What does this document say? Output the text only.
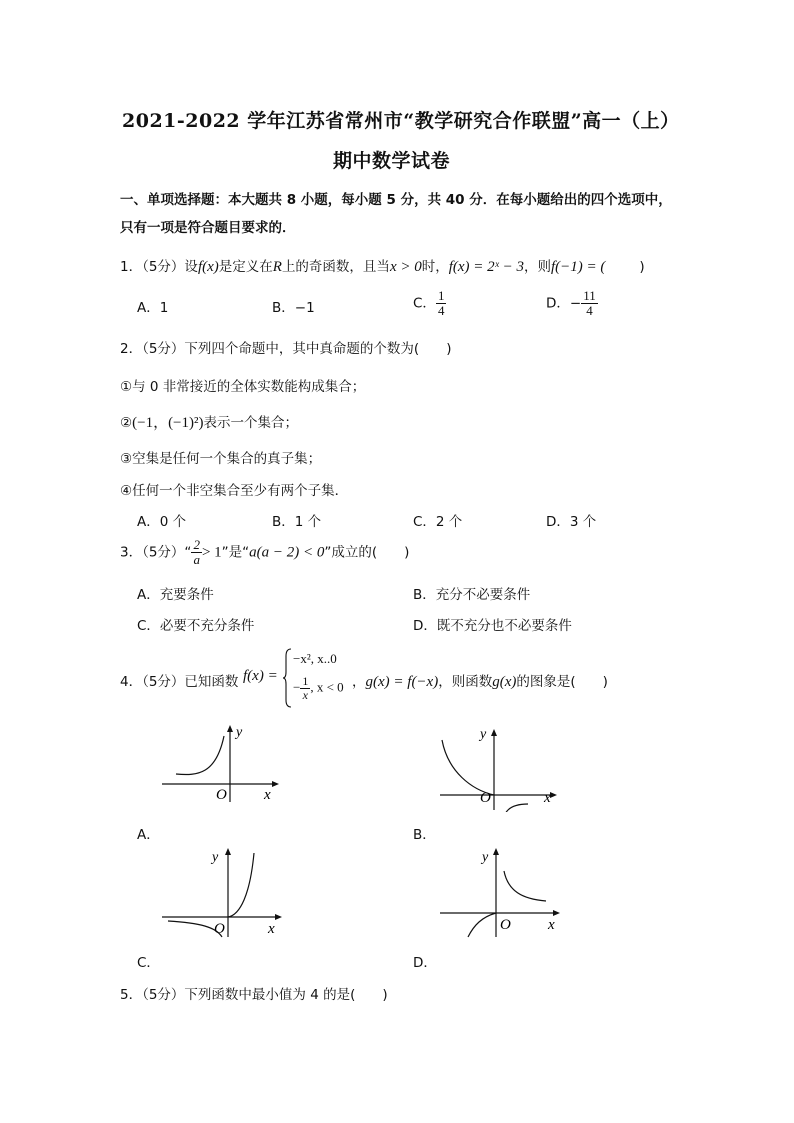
2021-2022 学年江苏省常州市“教学研究合作联盟”高一（上）
期中数学试卷
一、单项选择题：本大题共 8 小题，每小题 5 分，共 40 分．在每小题给出的四个选项中，
只有一项是符合题目要求的．
1．（5分）设f(x)是定义在R上的奇函数，且当x > 0时，f(x) = 2ˣ − 3，则f(−1) = (	)
A．1	B．−1	C． $\frac{1}{4}$	D．− $\frac{11}{4}$
2．（5分）下列四个命题中，其中真命题的个数为(　　)
①与 0 非常接近的全体实数能构成集合；
②(−1，(−1)²)表示一个集合；
③空集是任何一个集合的真子集；
④任何一个非空集合至少有两个子集．
A．0 个	B．1 个	C．2 个	D．3 个
3．（5分）“ $\frac{2}{a} > 1$”是“a(a − 2) < 0”成立的(　　)
A．充要条件	B．充分不必要条件
C．必要不充分条件	D．既不充分也不必要条件
4．（5分）已知函数 f(x) =
−x², x..0
− $\frac{1}{x}$ , x < 0 ，g(x) = f(−x)，则函数g(x)的图象是(　　)
y
x
O
A．
y
x
O
B．
y
x
O
C．
y
x
O
D．
5．（5分）下列函数中最小值为 4 的是(　　)
